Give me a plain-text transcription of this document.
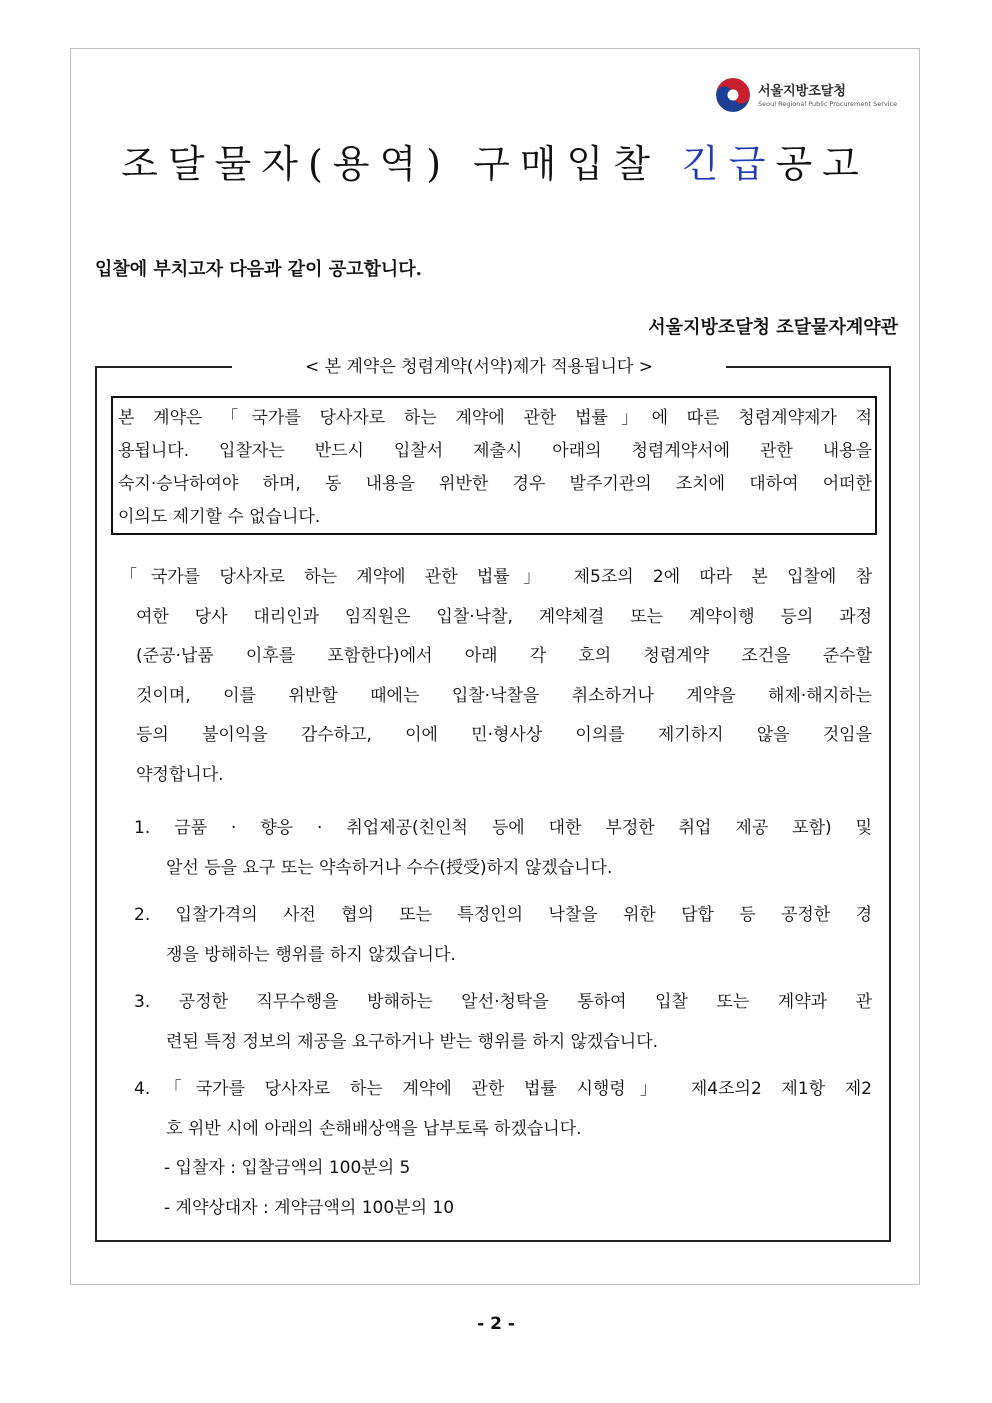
서울지방조달청
Seoul Regional Public Procurement Service
조달물자(용역) 구매입찰 긴급공고
입찰에 부치고자 다음과 같이 공고합니다.
서울지방조달청 조달물자계약관
< 본 계약은 청렴계약(서약)제가 적용됩니다 >
본 계약은 「국가를 당사자로 하는 계약에 관한 법률」에 따른 청렴계약제가 적
용됩니다. 입찰자는 반드시 입찰서 제출시 아래의 청렴계약서에 관한 내용을
숙지·승낙하여야 하며, 동 내용을 위반한 경우 발주기관의 조치에 대하여 어떠한
이의도 제기할 수 없습니다.
「국가를 당사자로 하는 계약에 관한 법률」 제5조의 2에 따라 본 입찰에 참
여한 당사 대리인과 임직원은 입찰·낙찰, 계약체결 또는 계약이행 등의 과정
(준공·납품 이후를 포함한다)에서 아래 각 호의 청렴계약 조건을 준수할
것이며, 이를 위반할 때에는 입찰·낙찰을 취소하거나 계약을 해제·해지하는
등의 불이익을 감수하고, 이에 민·형사상 이의를 제기하지 않을 것임을
약정합니다.
1. 금품 · 향응 · 취업제공(친인척 등에 대한 부정한 취업 제공 포함) 및
알선 등을 요구 또는 약속하거나 수수(授受)하지 않겠습니다.
2. 입찰가격의 사전 협의 또는 특정인의 낙찰을 위한 담합 등 공정한 경
쟁을 방해하는 행위를 하지 않겠습니다.
3. 공정한 직무수행을 방해하는 알선·청탁을 통하여 입찰 또는 계약과 관
련된 특정 정보의 제공을 요구하거나 받는 행위를 하지 않겠습니다.
4.「국가를 당사자로 하는 계약에 관한 법률 시행령」 제4조의2 제1항 제2
호 위반 시에 아래의 손해배상액을 납부토록 하겠습니다.
- 입찰자 : 입찰금액의 100분의 5
- 계약상대자 : 계약금액의 100분의 10
- 2 -
